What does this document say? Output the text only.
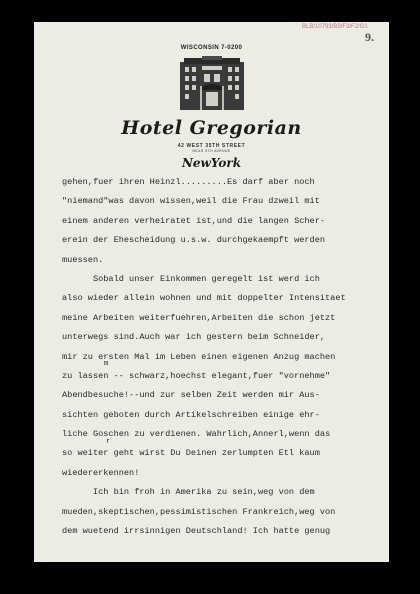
BLB/10793/B3/F3/F2/G1
9.
WISCONSIN 7-0200
Hotel Gregorian
42 WEST 35TH STREET
NEAR 5TH AVENUE
NewYork
gehen,fuer ihren Heinzl.........Es darf aber noch
"niemand"was davon wissen,weil die Frau dzweil mit
einem anderen verheiratet ist,und die langen Scher-
erein der Ehescheidung u.s.w. durchgekaempft werden
muessen.
Sobald unser Einkommen geregelt ist werd ich
also wieder allein wohnen und mit doppelter Intensitaet
meine Arbeiten weiterfuehren,Arbeiten die schon jetzt
unterwegs sind.Auch war ich gestern beim Schneider,
mir zu ersten Mal im Leben einen eigenen Anzug machen
zu lassen -- schwarz,hoechst elegant,fuer "vornehme"
Abendbesuche!--und zur selben Zeit werden mir Aus-
sichten geboten durch Artikelschreiben einige ehr-
liche Goschen zu verdienen. Wahrlich,Annerl,wenn das
so weiter geht wirst Du Deinen zerlumpten Etl kaum
wiedererkennen!
Ich bin froh in Amerika zu sein,weg von dem
mueden,skeptischen,pessimistischen Frankreich,weg von
dem wuetend irrsinnigen Deutschland! Ich hatte genug
m
r
